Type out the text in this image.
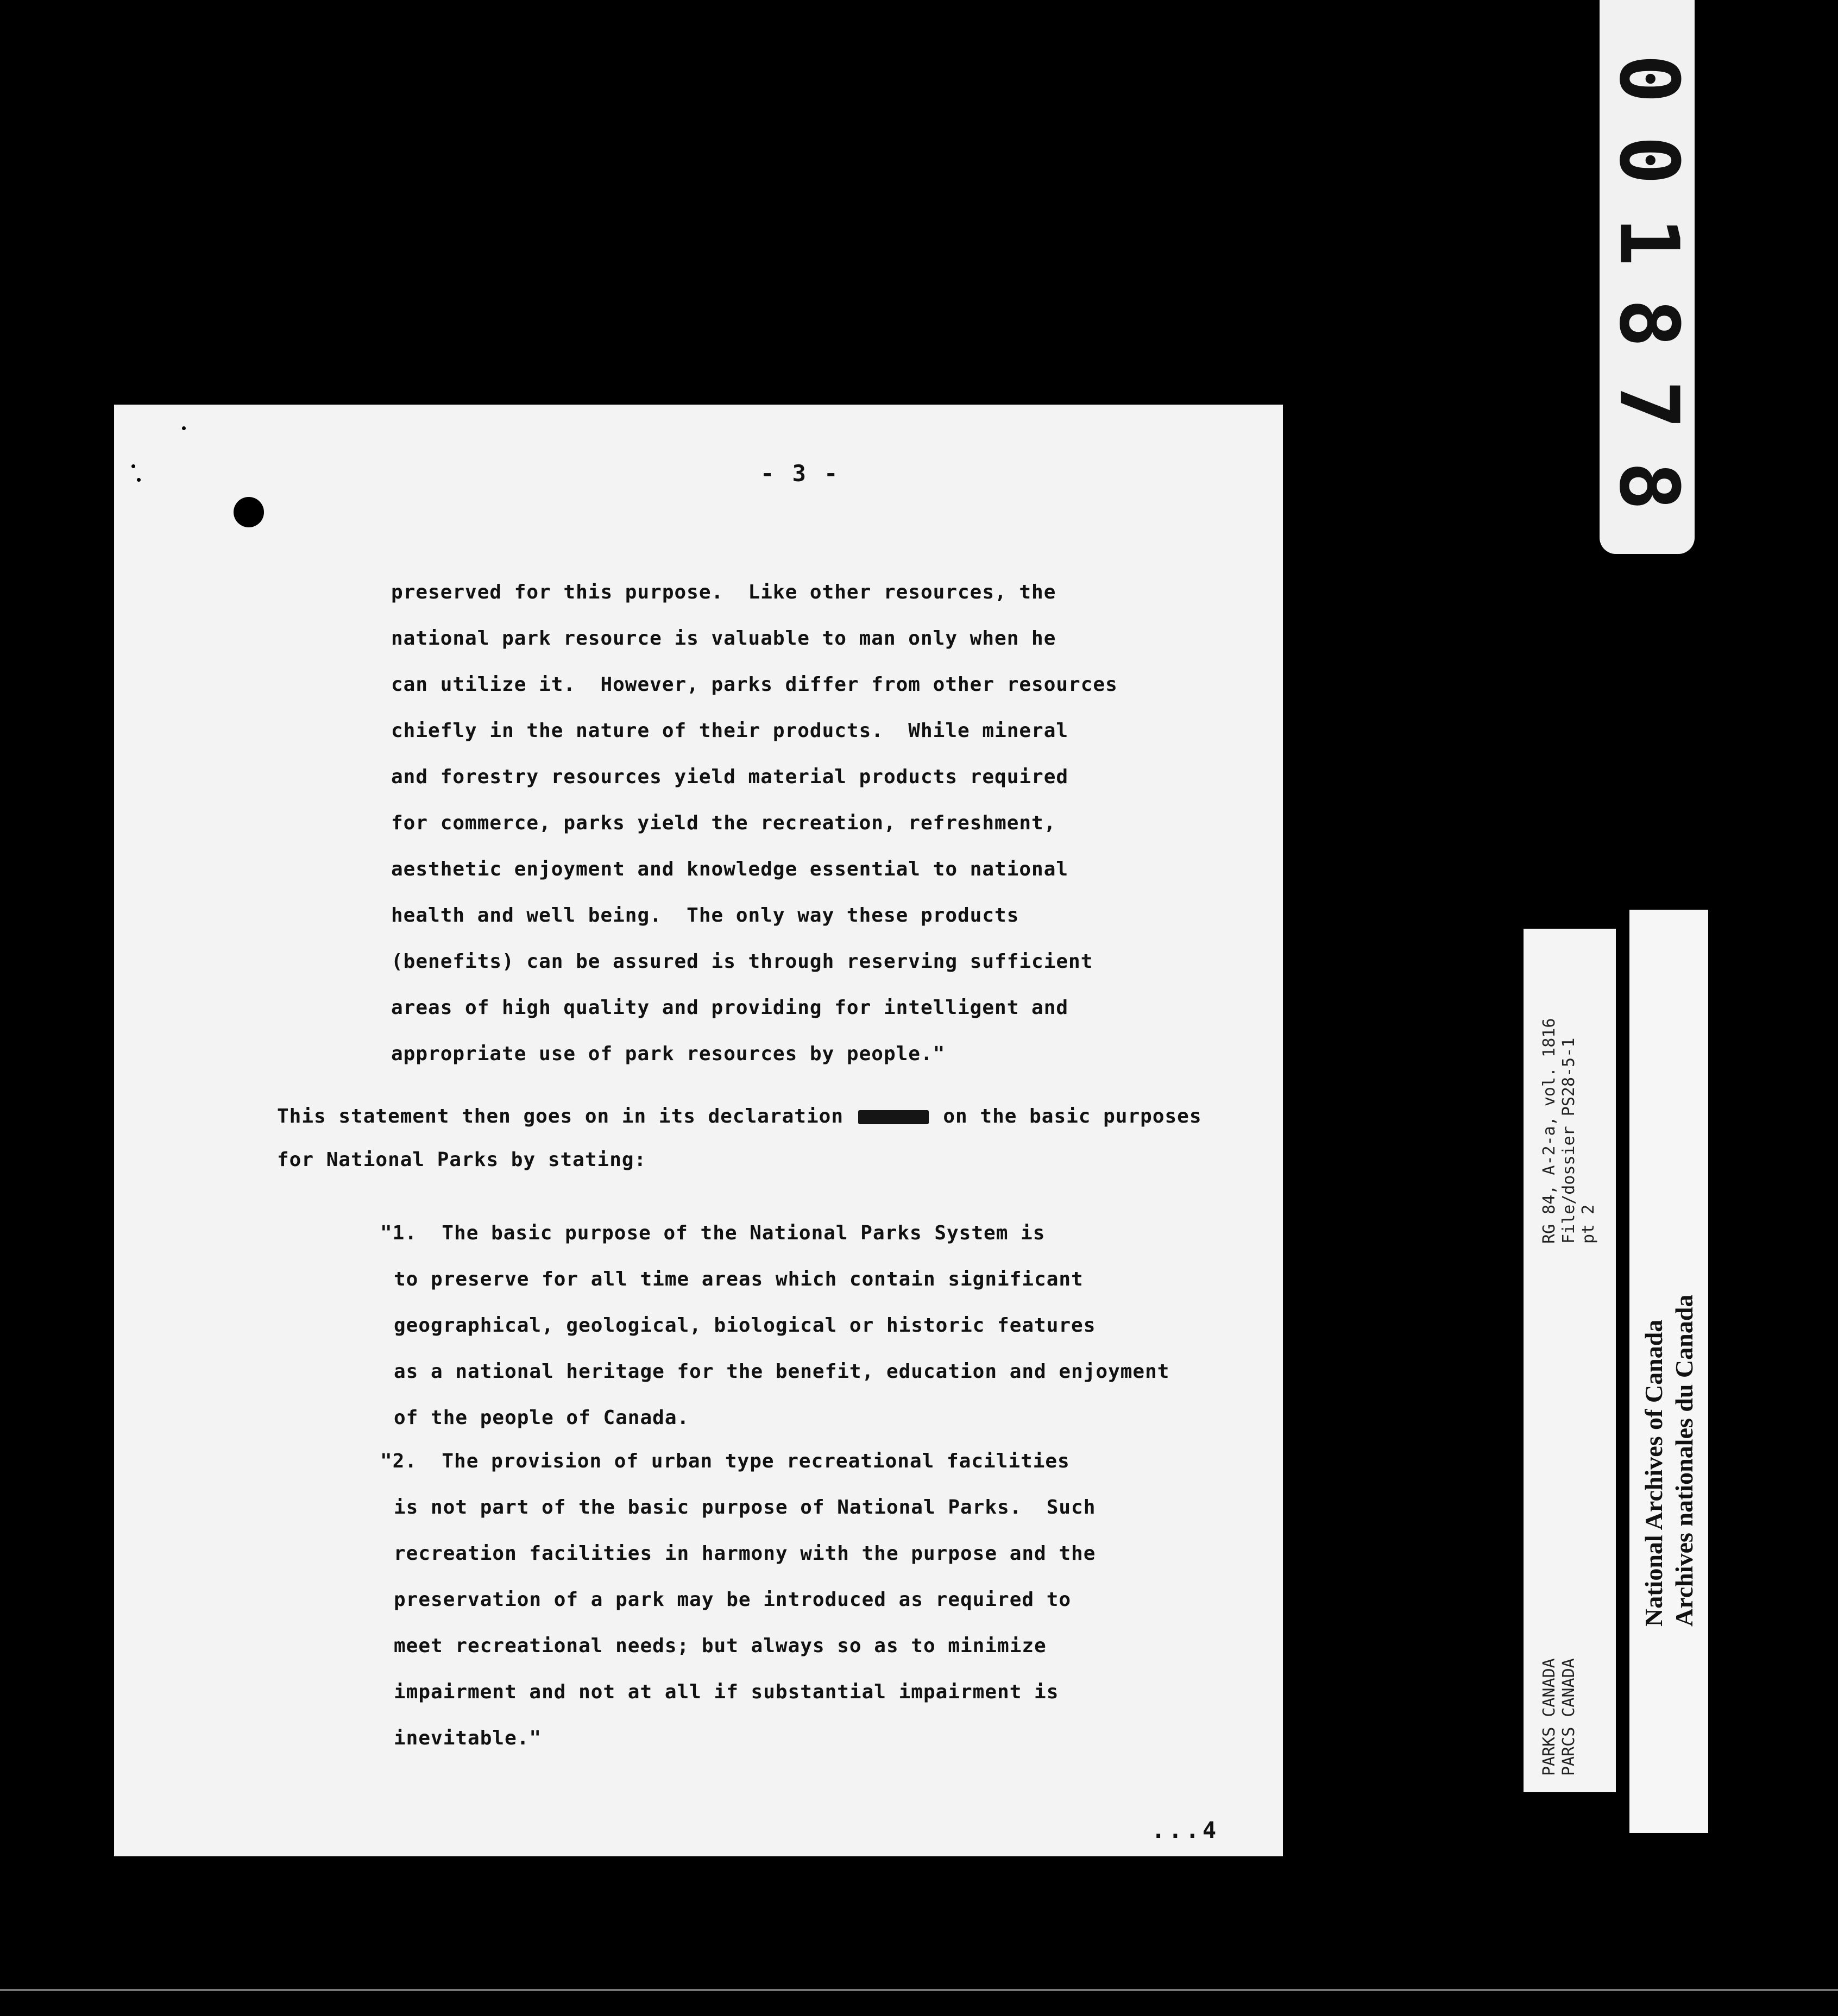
- 3 -
preserved for this purpose.  Like other resources, the
national park resource is valuable to man only when he
can utilize it.  However, parks differ from other resources
chiefly in the nature of their products.  While mineral
and forestry resources yield material products required
for commerce, parks yield the recreation, refreshment,
aesthetic enjoyment and knowledge essential to national
health and well being.  The only way these products
(benefits) can be assured is through reserving sufficient
areas of high quality and providing for intelligent and
appropriate use of park resources by people."
This statement then goes on in its declaration	on the basic purposes
for National Parks by stating:
"1.  The basic purpose of the National Parks System is
to preserve for all time areas which contain significant
geographical, geological, biological or historic features
as a national heritage for the benefit, education and enjoyment
of the people of Canada.
"2.  The provision of urban type recreational facilities
is not part of the basic purpose of National Parks.  Such
recreation facilities in harmony with the purpose and the
preservation of a park may be introduced as required to
meet recreational needs; but always so as to minimize
impairment and not at all if substantial impairment is
inevitable."
...4
0
0
1
8
7
8
RG 84, A-2-a, vol. 1816 File/dossier PS28-5-1 pt 2
PARKS CANADA PARCS CANADA
National Archives of Canada Archives nationales du Canada
